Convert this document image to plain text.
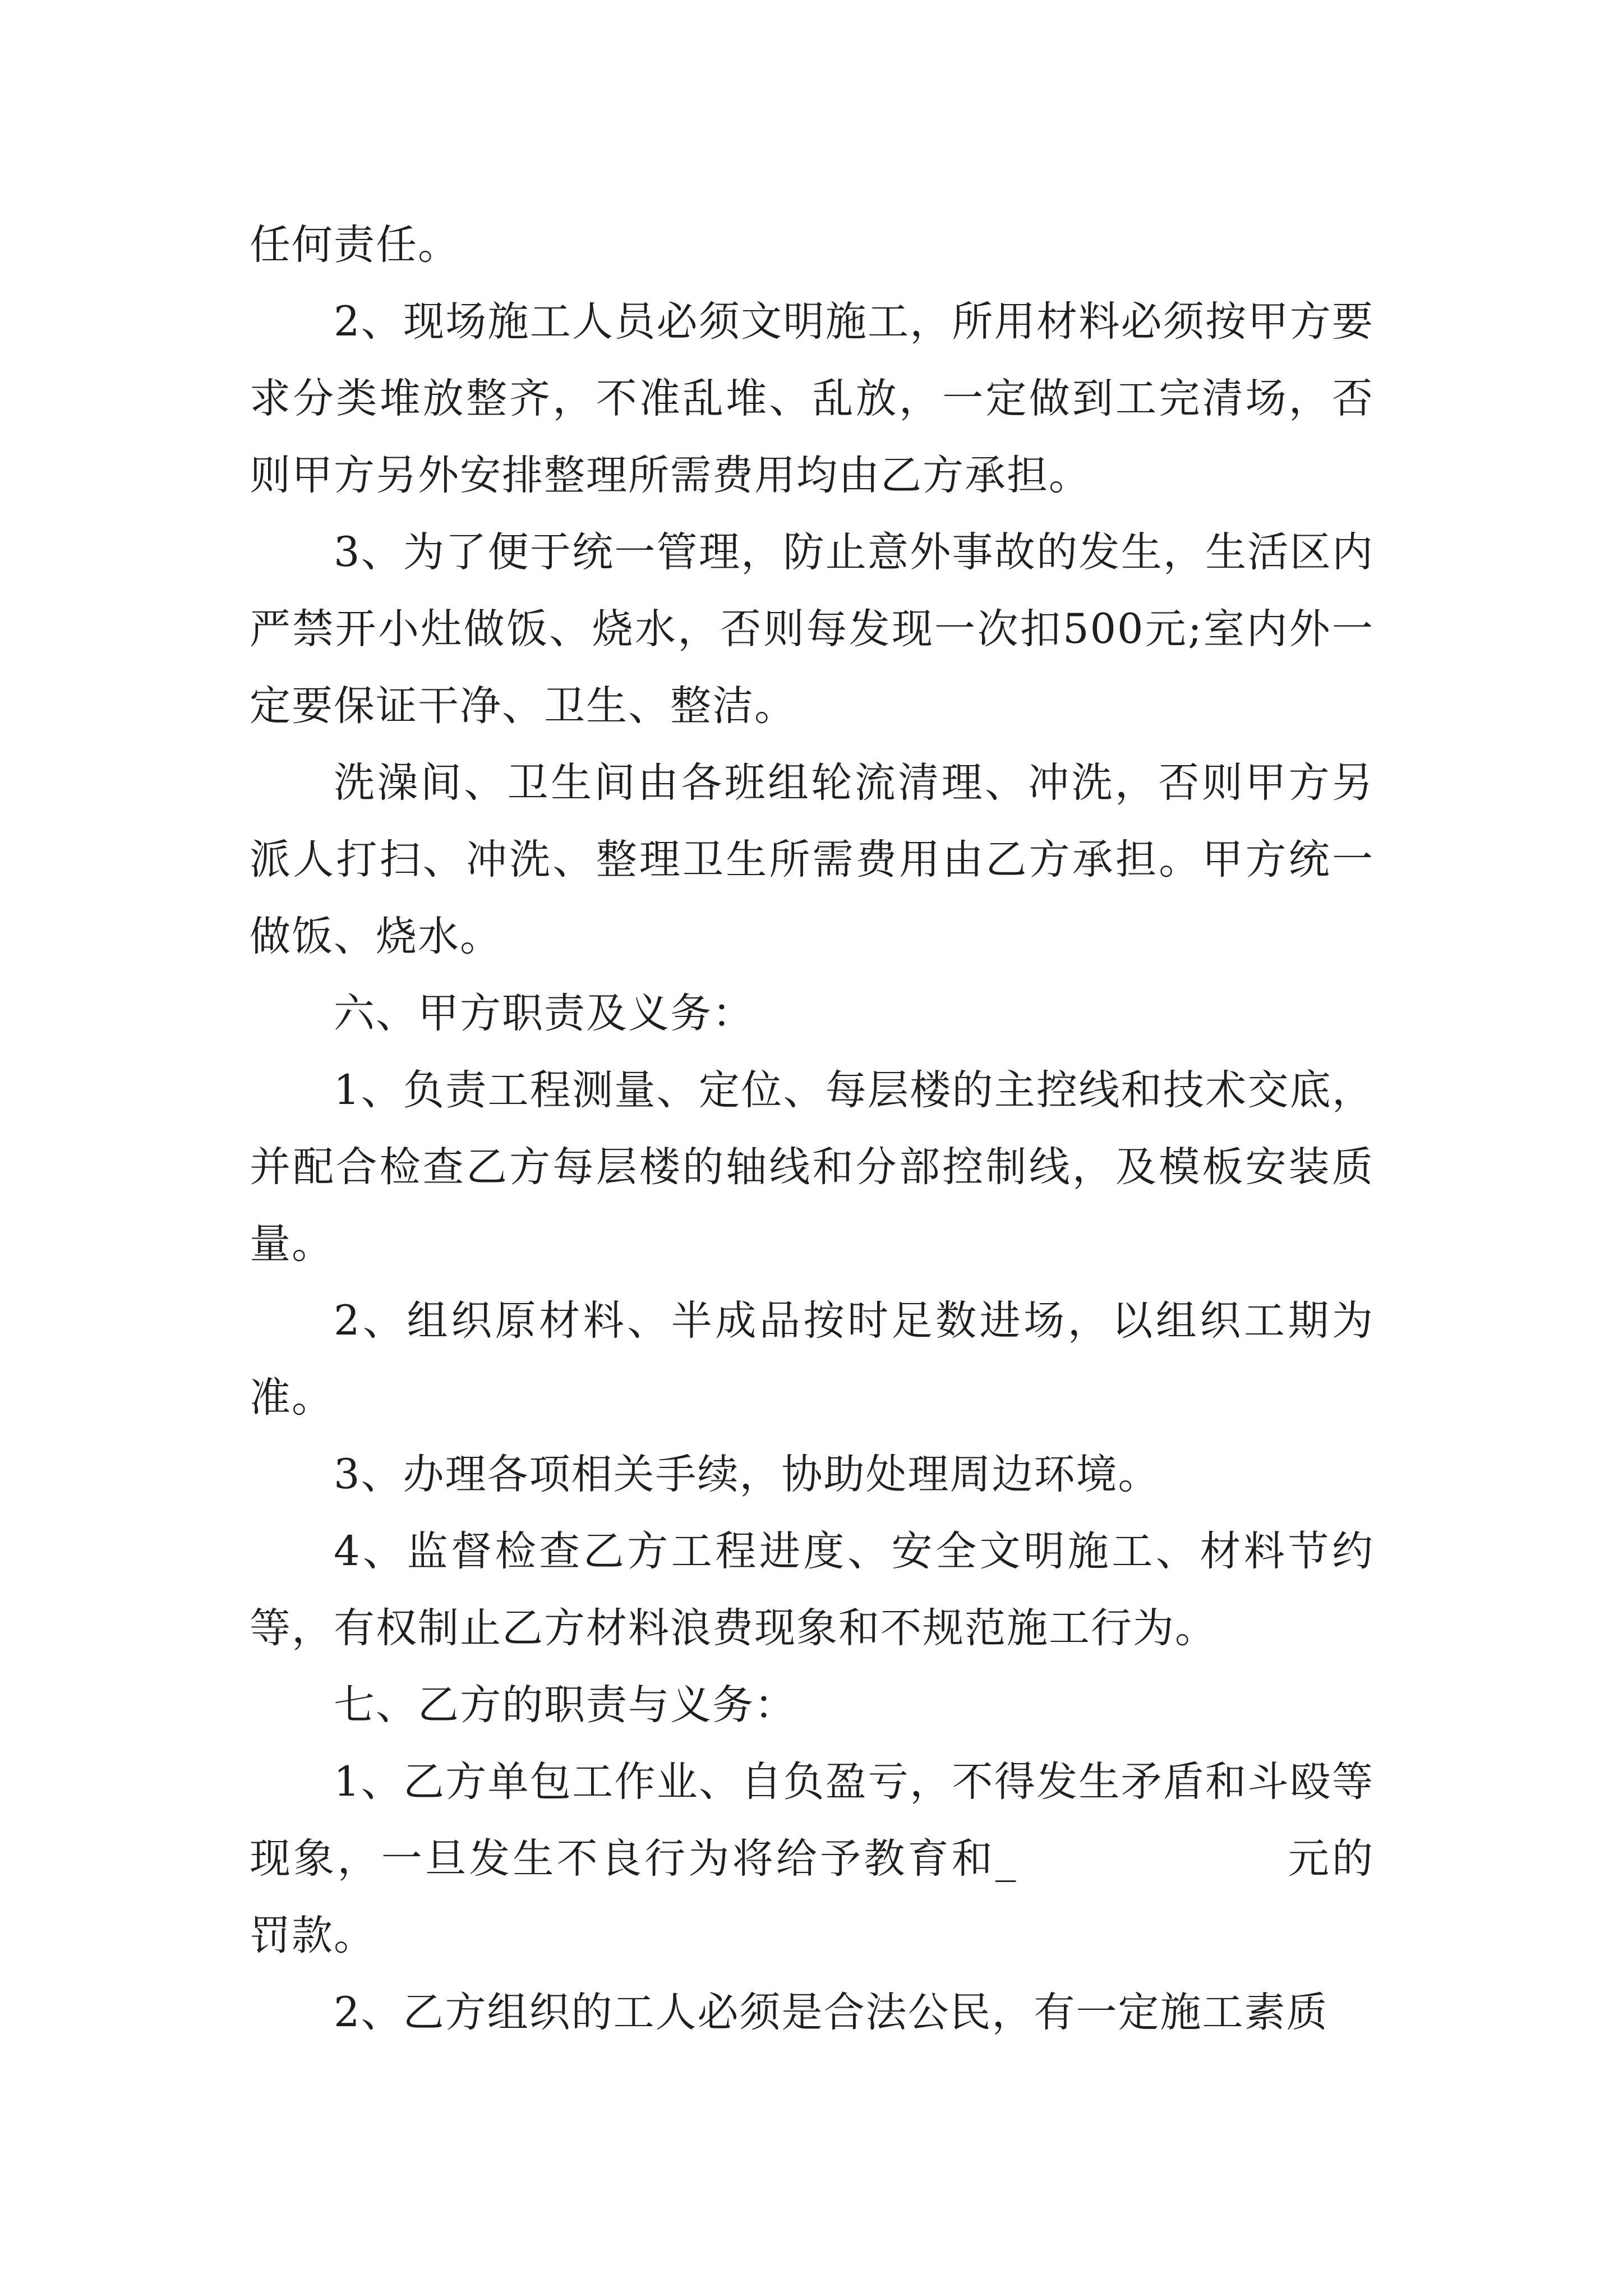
任何责任。

2、现场施工人员必须文明施工，所用材料必须按甲方要求分类堆放整齐，不准乱堆、乱放，一定做到工完清场，否则甲方另外安排整理所需费用均由乙方承担。

3、为了便于统一管理，防止意外事故的发生，生活区内严禁开小灶做饭、烧水，否则每发现一次扣500元;室内外一定要保证干净、卫生、整洁。

洗澡间、卫生间由各班组轮流清理、冲洗，否则甲方另派人打扫、冲洗、整理卫生所需费用由乙方承担。甲方统一做饭、烧水。

六、甲方职责及义务：

1、负责工程测量、定位、每层楼的主控线和技术交底，并配合检查乙方每层楼的轴线和分部控制线，及模板安装质量。

2、组织原材料、半成品按时足数进场，以组织工期为准。

3、办理各项相关手续，协助处理周边环境。

4、监督检查乙方工程进度、安全文明施工、材料节约等，有权制止乙方材料浪费现象和不规范施工行为。

七、乙方的职责与义务：

1、乙方单包工作业、自负盈亏，不得发生矛盾和斗殴等现象，一旦发生不良行为将给予教育和_	元的罚款。

2、乙方组织的工人必须是合法公民，有一定施工素质
